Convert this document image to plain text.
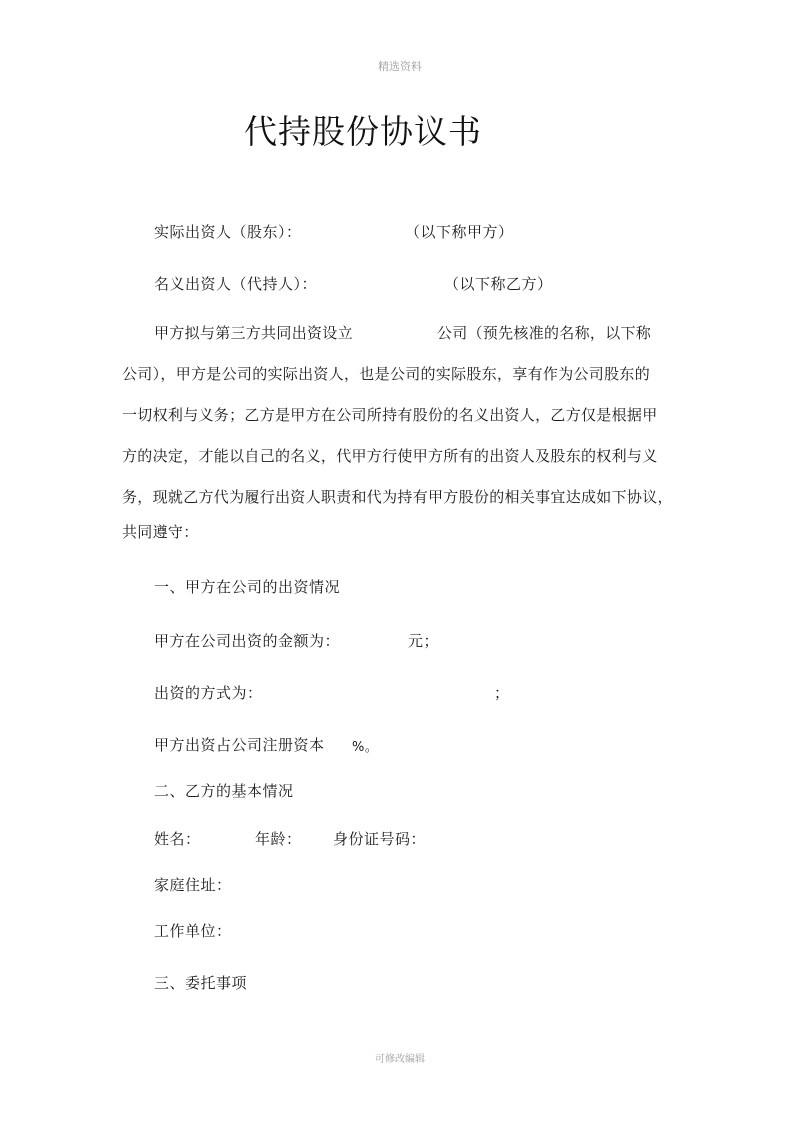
精选资料
代持股份协议书
实际出资人（股东）：	（以下称甲方）
名义出资人（代持人）：	（以下称乙方）
甲方拟与第三方共同出资设立	公司（预先核准的名称，以下称
公司），甲方是公司的实际出资人，也是公司的实际股东，享有作为公司股东的
一切权利与义务；乙方是甲方在公司所持有股份的名义出资人，乙方仅是根据甲
方的决定，才能以自己的名义，代甲方行使甲方所有的出资人及股东的权利与义
务，现就乙方代为履行出资人职责和代为持有甲方股份的相关事宜达成如下协议，
共同遵守：
一、甲方在公司的出资情况
甲方在公司出资的金额为：	元；
出资的方式为：	；
甲方出资占公司注册资本 %。
二、乙方的基本情况
姓名：	年龄： 身份证号码：
家庭住址：
工作单位：
三、委托事项
可修改编辑
